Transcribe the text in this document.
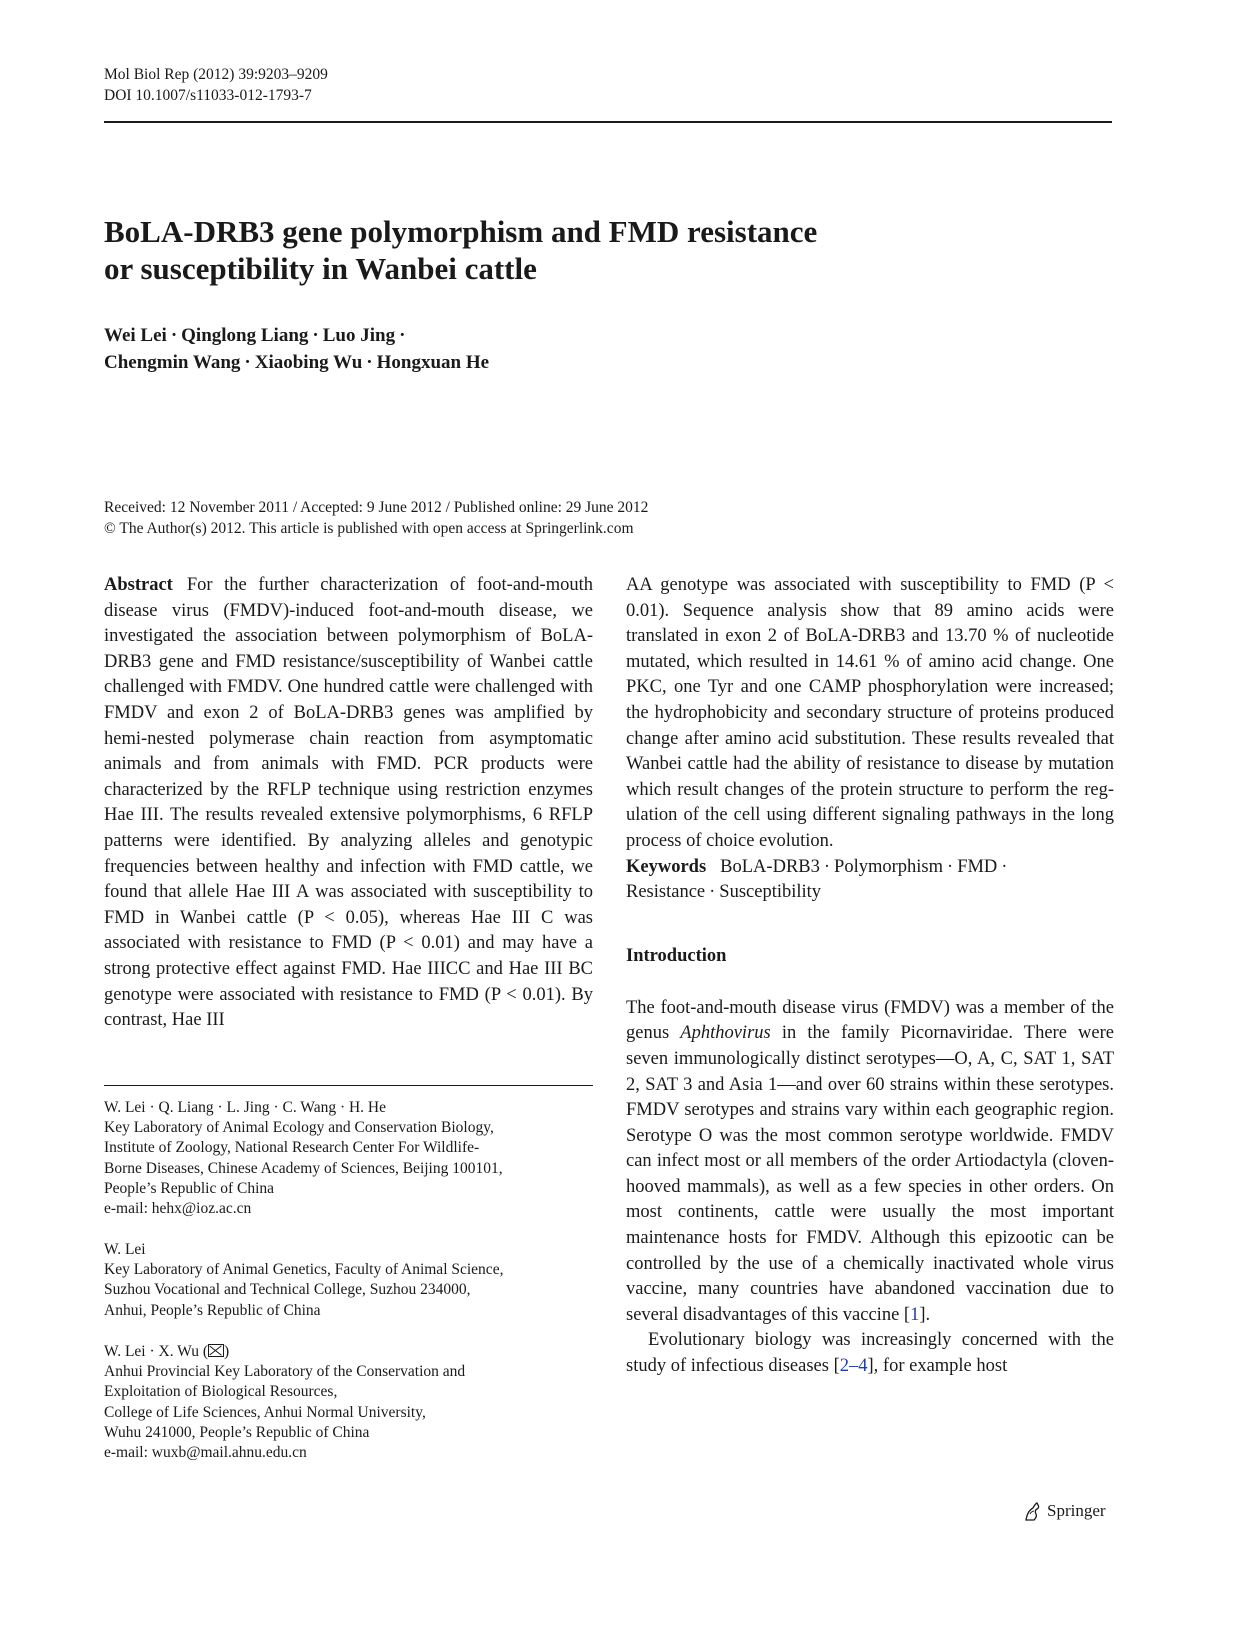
Mol Biol Rep (2012) 39:9203–9209
DOI 10.1007/s11033-012-1793-7
BoLA-DRB3 gene polymorphism and FMD resistance
or susceptibility in Wanbei cattle
Wei Lei · Qinglong Liang · Luo Jing ·
Chengmin Wang · Xiaobing Wu · Hongxuan He
Received: 12 November 2011 / Accepted: 9 June 2012 / Published online: 29 June 2012
© The Author(s) 2012. This article is published with open access at Springerlink.com

Abstract For the further characterization of foot-and-mouth disease virus (FMDV)-induced foot-and-mouth disease, we investigated the association between polymorphism of BoLA-DRB3 gene and FMD resistance/susceptibility of Wanbei cattle challenged with FMDV. One hundred cattle were challenged with FMDV and exon 2 of BoLA-DRB3 genes was amplified by hemi-nested polymerase chain reaction from asymptomatic animals and from animals with FMD. PCR products were characterized by the RFLP technique using restriction enzymes Hae III. The results revealed extensive polymorphisms, 6 RFLP patterns were identified. By analyzing alleles and genotypic frequencies between healthy and infection with FMD cattle, we found that allele Hae III A was associated with susceptibility to FMD in Wanbei cattle (P < 0.05), whereas Hae III C was associated with resistance to FMD (P < 0.01) and may have a strong protective effect against FMD. Hae IIICC and Hae III BC genotype were associated with resistance to FMD (P < 0.01). By contrast, Hae III

W. Lei · Q. Liang · L. Jing · C. Wang · H. He
Key Laboratory of Animal Ecology and Conservation Biology,
Institute of Zoology, National Research Center For Wildlife-
Borne Diseases, Chinese Academy of Sciences, Beijing 100101,
People’s Republic of China
e-mail: hehx@ioz.ac.cn
W. Lei
Key Laboratory of Animal Genetics, Faculty of Animal Science,
Suzhou Vocational and Technical College, Suzhou 234000,
Anhui, People’s Republic of China
W. Lei · X. Wu ( )
Anhui Provincial Key Laboratory of the Conservation and
Exploitation of Biological Resources,
College of Life Sciences, Anhui Normal University,
Wuhu 241000, People’s Republic of China
e-mail: wuxb@mail.ahnu.edu.cn

AA genotype was associated with susceptibility to FMD (P < 0.01). Sequence analysis show that 89 amino acids were translated in exon 2 of BoLA-DRB3 and 13.70 % of nucleotide mutated, which resulted in 14.61 % of amino acid change. One PKC, one Tyr and one CAMP phosphorylation were increased; the hydrophobicity and secondary structure of proteins produced change after amino acid substitution. These results revealed that Wanbei cattle had the ability of resistance to disease by mutation which result changes of the protein structure to perform the regulation of the cell using different signaling pathways in the long process of choice evolution.

Keywords BoLA-DRB3 · Polymorphism · FMD · Resistance · Susceptibility

Introduction

The foot-and-mouth disease virus (FMDV) was a member of the genus Aphthovirus in the family Picornaviridae. There were seven immunologically distinct serotypes—O, A, C, SAT 1, SAT 2, SAT 3 and Asia 1—and over 60 strains within these serotypes. FMDV serotypes and strains vary within each geographic region. Serotype O was the most common serotype worldwide. FMDV can infect most or all members of the order Artiodactyla (cloven-hooved mammals), as well as a few species in other orders. On most continents, cattle were usually the most important maintenance hosts for FMDV. Although this epizootic can be controlled by the use of a chemically inactivated whole virus vaccine, many countries have abandoned vaccination due to several disadvantages of this vaccine [1].

Evolutionary biology was increasingly concerned with the study of infectious diseases [2–4], for example host

Springer
